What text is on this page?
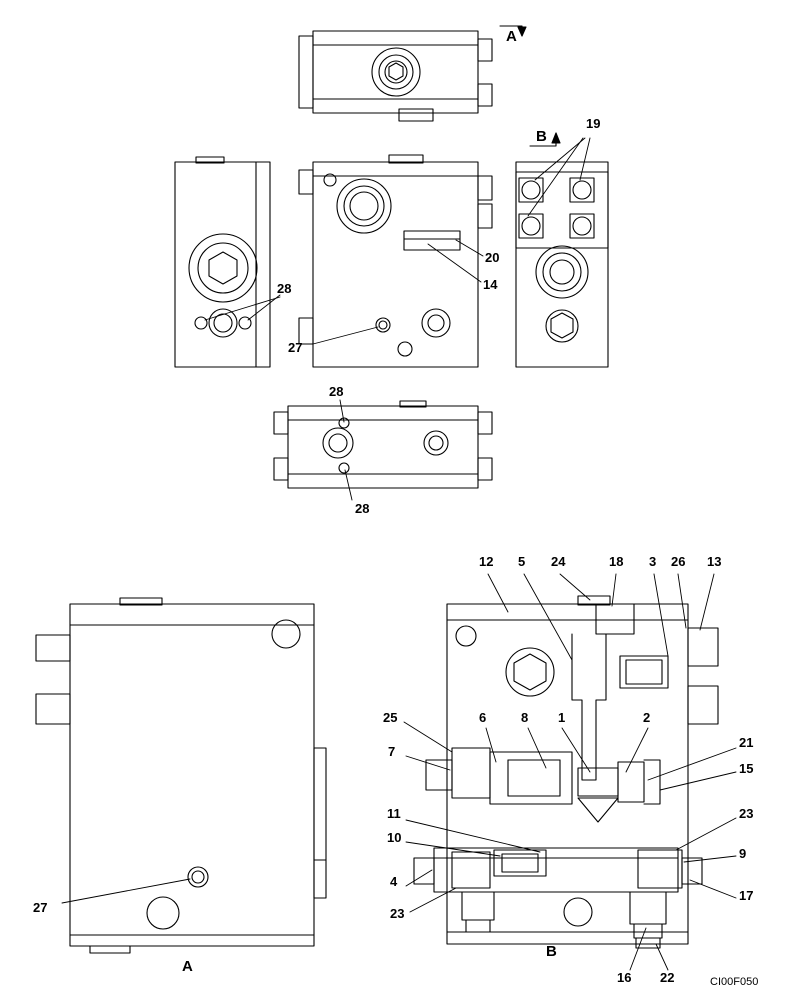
19
28
20
14
27
28
28
12 5 24	18 3 26 13
25	6	8 1	2
7
21
15
11	23
10
9
4
17
23
16 22
27
A
B
A
B
CI00F050
